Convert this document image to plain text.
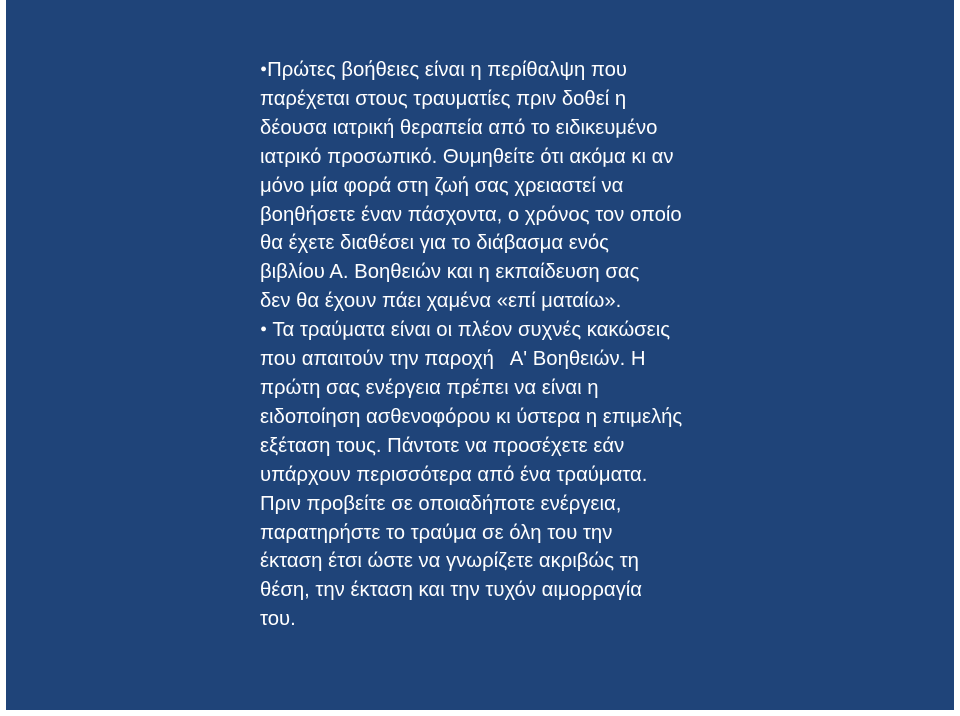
•Πρώτες βοήθειες είναι η περίθαλψη που
παρέχεται στους τραυματίες πριν δοθεί η
δέουσα ιατρική θεραπεία από το ειδικευμένο
ιατρικό προσωπικό. Θυμηθείτε ότι ακόμα κι αν
μόνο μία φορά στη ζωή σας χρειαστεί να
βοηθήσετε έναν πάσχοντα, ο χρόνος τον οποίο
θα έχετε διαθέσει για το διάβασμα ενός
βιβλίου Α. Βοηθειών και η εκπαίδευση σας
δεν θα έχουν πάει χαμένα «επί ματαίω».
• Τα τραύματα είναι οι πλέον συχνές κακώσεις
που απαιτούν την παροχή   Α' Βοηθειών. Η
πρώτη σας ενέργεια πρέπει να είναι η
ειδοποίηση ασθενοφόρου κι ύστερα η επιμελής
εξέταση τους. Πάντοτε να προσέχετε εάν
υπάρχουν περισσότερα από ένα τραύματα.
Πριν προβείτε σε οποιαδήποτε ενέργεια,
παρατηρήστε το τραύμα σε όλη του την
έκταση έτσι ώστε να γνωρίζετε ακριβώς τη
θέση, την έκταση και την τυχόν αιμορραγία
του.
